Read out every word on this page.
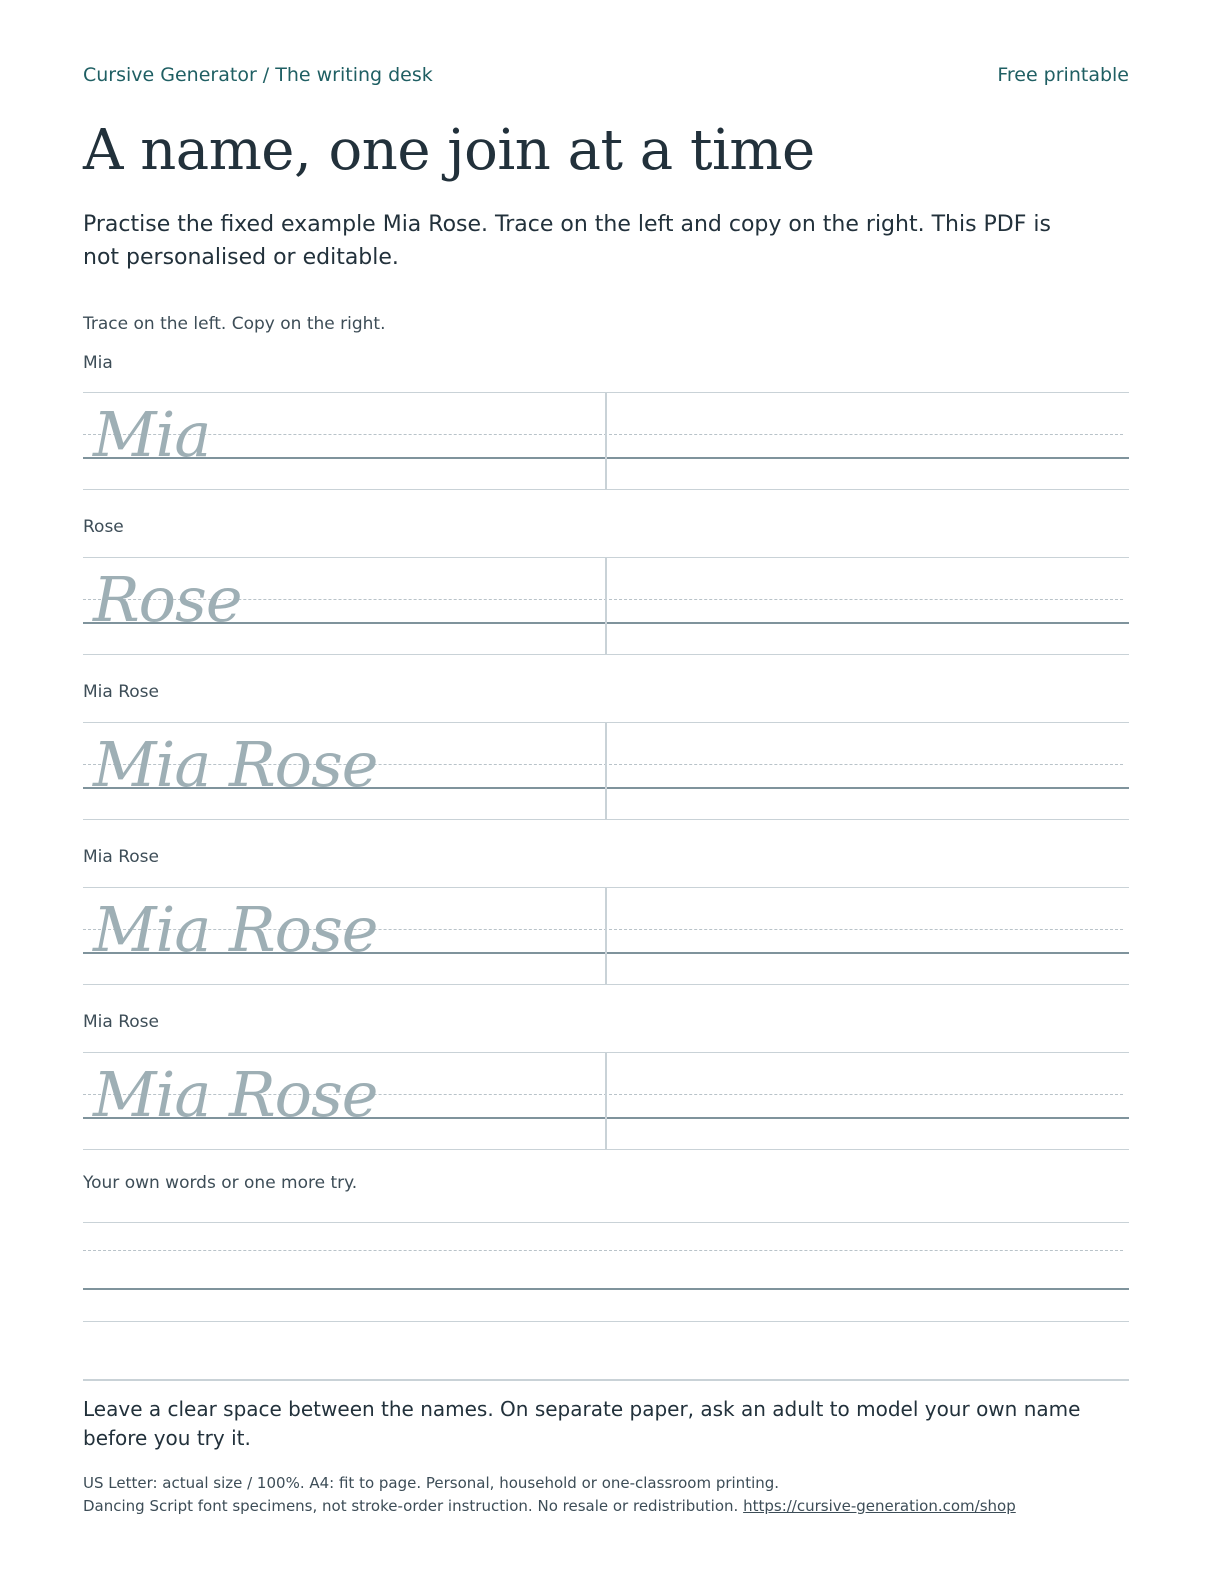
Cursive Generator / The writing desk	Free printable
A name, one join at a time

Practise the fixed example Mia Rose. Trace on the left and copy on the right. This PDF is not personalised or editable.

Trace on the left. Copy on the right.
Mia
Mia
Rose
Rose
Mia Rose
Mia Rose
Mia Rose
Mia Rose
Mia Rose
Mia Rose
Your own words or one more try.

Leave a clear space between the names. On separate paper, ask an adult to model your own name before you try it.

US Letter: actual size / 100%. A4: fit to page. Personal, household or one-classroom printing.
Dancing Script font specimens, not stroke-order instruction. No resale or redistribution. https://cursive-generation.com/shop
